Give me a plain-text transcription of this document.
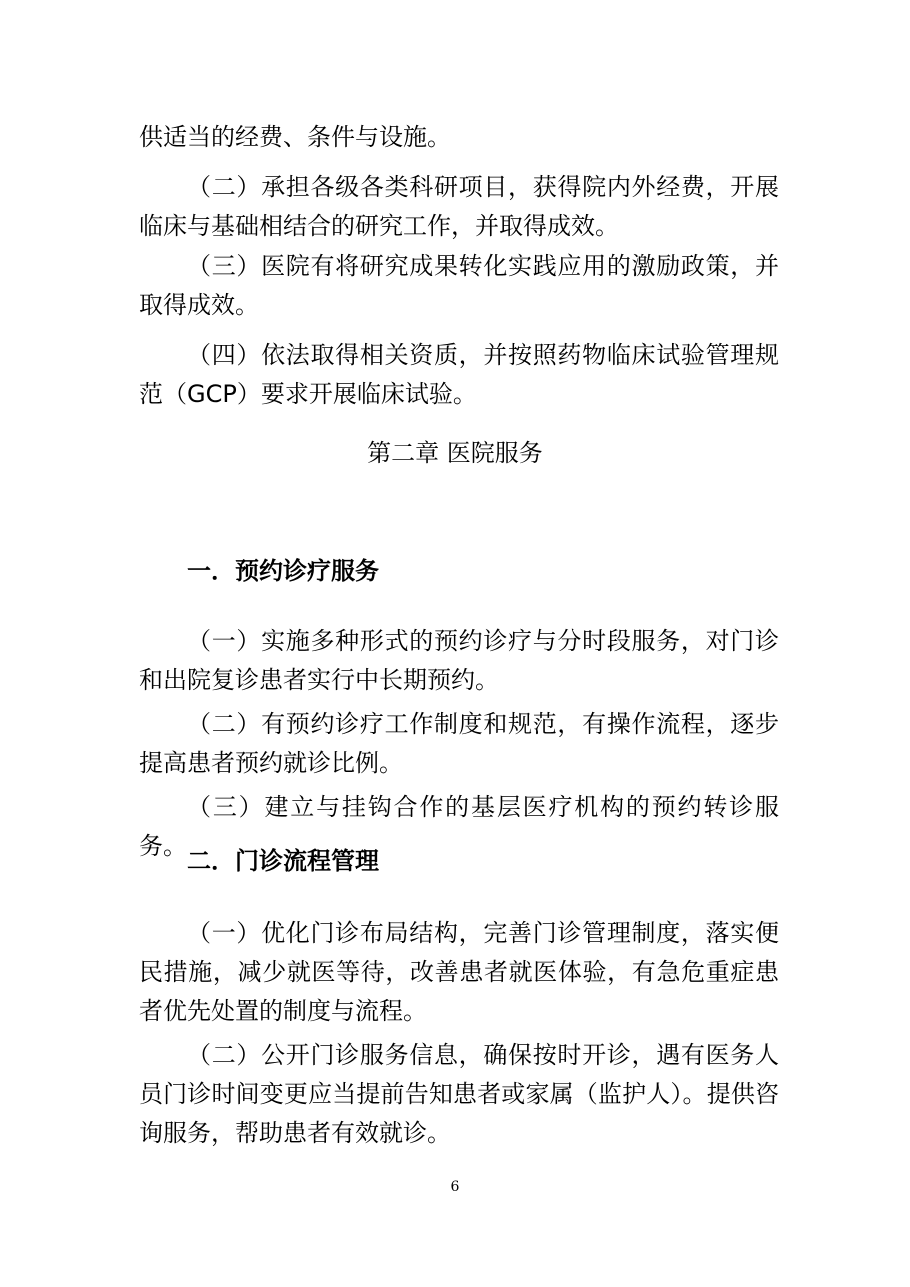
供适当的经费、条件与设施。

（二）承担各级各类科研项目，获得院内外经费，开展临床与基础相结合的研究工作，并取得成效。

（三）医院有将研究成果转化实践应用的激励政策，并取得成效。

（四）依法取得相关资质，并按照药物临床试验管理规范（GCP）要求开展临床试验。

第二章 医院服务
一．预约诊疗服务

（一）实施多种形式的预约诊疗与分时段服务，对门诊和出院复诊患者实行中长期预约。

（二）有预约诊疗工作制度和规范，有操作流程，逐步提高患者预约就诊比例。

（三）建立与挂钩合作的基层医疗机构的预约转诊服务。

二．门诊流程管理

（一）优化门诊布局结构，完善门诊管理制度，落实便民措施，减少就医等待，改善患者就医体验，有急危重症患者优先处置的制度与流程。

（二）公开门诊服务信息，确保按时开诊，遇有医务人员门诊时间变更应当提前告知患者或家属（监护人）。提供咨询服务，帮助患者有效就诊。

6
